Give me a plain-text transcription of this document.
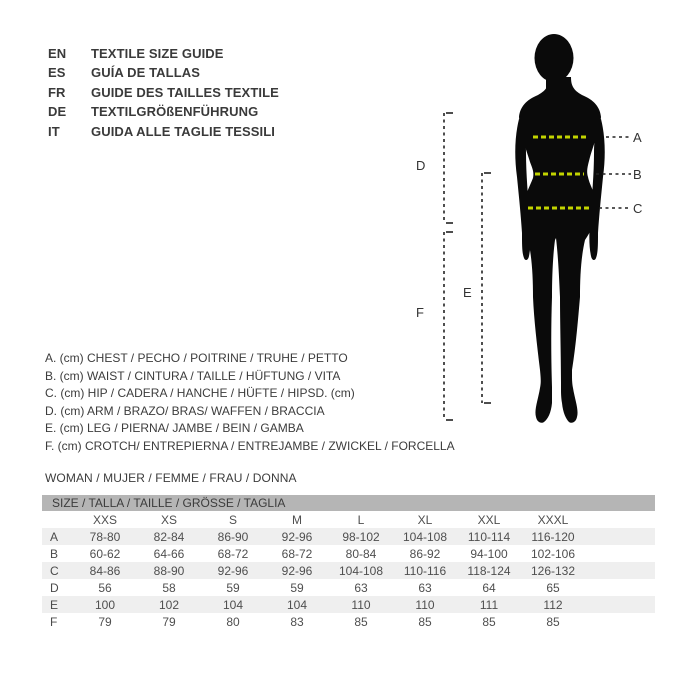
EN	TEXTILE SIZE GUIDE
ES	GUÍA DE TALLAS
FR	GUIDE DES TAILLES TEXTILE
DE	TEXTILGRÖßENFÜHRUNG
IT	GUIDA ALLE TAGLIE TESSILI	A
B
C
D
E
F
A. (cm) CHEST / PECHO / POITRINE / TRUHE / PETTO
B. (cm) WAIST / CINTURA / TAILLE / HÜFTUNG / VITA
C. (cm) HIP / CADERA / HANCHE / HÜFTE / HIPSD. (cm)
D. (cm) ARM / BRAZO/ BRAS/ WAFFEN / BRACCIA
E. (cm) LEG / PIERNA/ JAMBE / BEIN / GAMBA
F. (cm) CROTCH/ ENTREPIERNA / ENTREJAMBE / ZWICKEL / FORCELLA
WOMAN / MUJER / FEMME / FRAU / DONNA
SIZE / TALLA / TAILLE / GRÖSSE / TAGLIA									
	XXS	XS	S	M	L	XL	XXL	XXXL	
A	78-80	82-84	86-90	92-96	98-102	104-108	110-114	116-120	
B	60-62	64-66	68-72	68-72	80-84	86-92	94-100	102-106	
C	84-86	88-90	92-96	92-96	104-108	110-116	118-124	126-132	
D	56	58	59	59	63	63	64	65	
E	100	102	104	104	110	110	111	112	
F	79	79	80	83	85	85	85	85	
